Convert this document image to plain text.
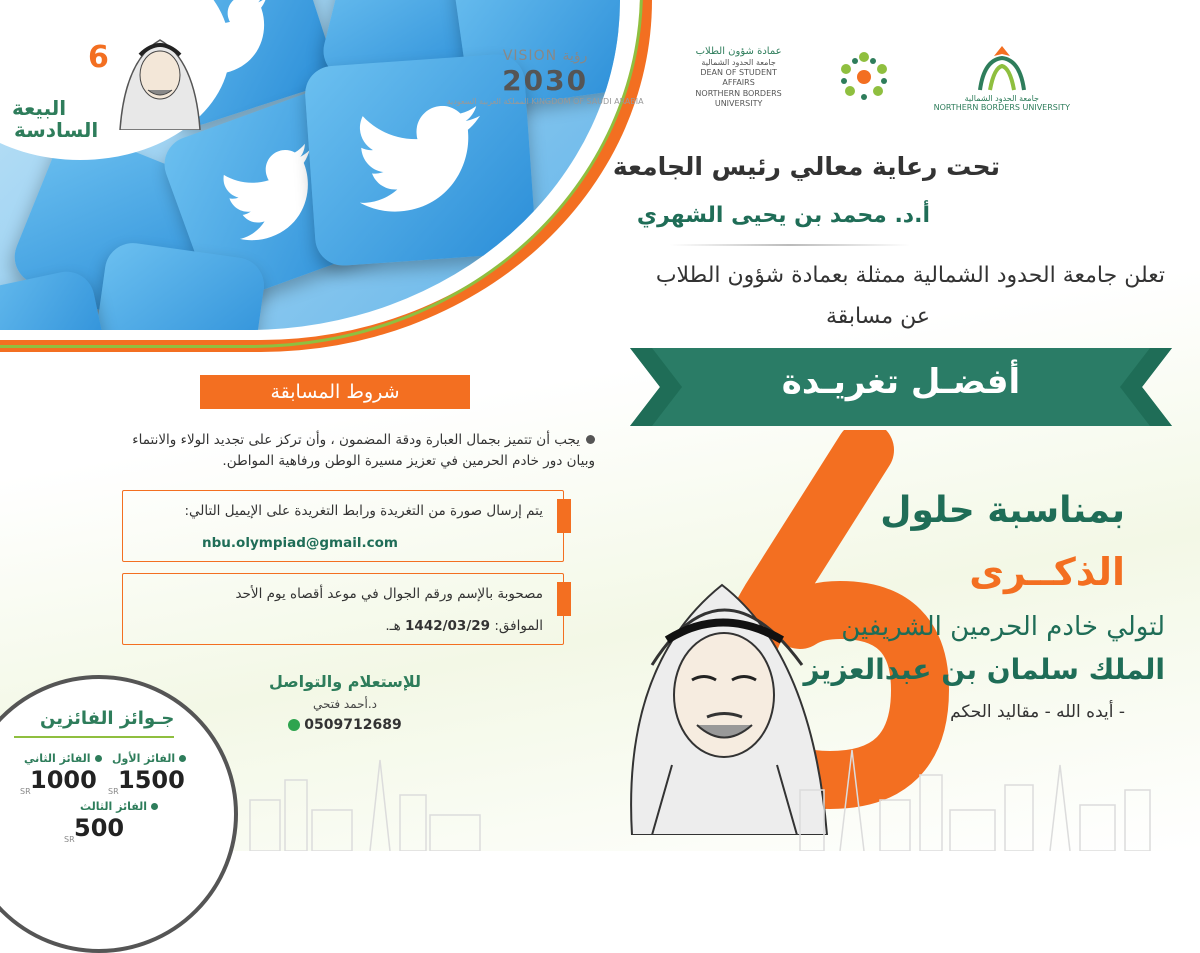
6
البيعة
السادسة
VISION رؤية
2030
المملكة العربية السعودية KINGDOM OF SAUDI ARABIA
عمادة شؤون الطلاب
جامعة الحدود الشمالية
DEAN OF STUDENT AFFAIRS
NORTHERN BORDERS UNIVERSITY
جامعة الحدود الشمالية
NORTHERN BORDERS UNIVERSITY
تحت رعاية معالي رئيس الجامعة
أ.د. محمد بن يحيى الشهري
تعلن جامعة الحدود الشمالية ممثلة بعمادة شؤون الطلاب
عن مسابقة
أفضـل تغريـدة
شروط المسابقة
يجب أن تتميز بجمال العبارة ودقة المضمون ، وأن تركز على تجديد الولاء والانتماء
وبيان دور خادم الحرمين في تعزيز مسيرة الوطن ورفاهية المواطن.
يتم إرسال صورة من التغريدة ورابط التغريدة على الإيميل التالي:
nbu.olympiad@gmail.com
مصحوبة بالإسم ورقم الجوال في موعد أقصاه يوم الأحد
الموافق: 1442/03/29 هـ.
للإستعلام والتواصل
د.أحمد فتحي
0509712689
جـوائز الفائزين
الفائز الأول
1500
SR
الفائز الثاني
1000
SR
الفائز الثالث
500
SR
بمناسبة حلول
الذكــرى
لتولي خادم الحرمين الشريفين
الملك سلمان بن عبدالعزيز
- أيده الله - مقاليد الحكم
